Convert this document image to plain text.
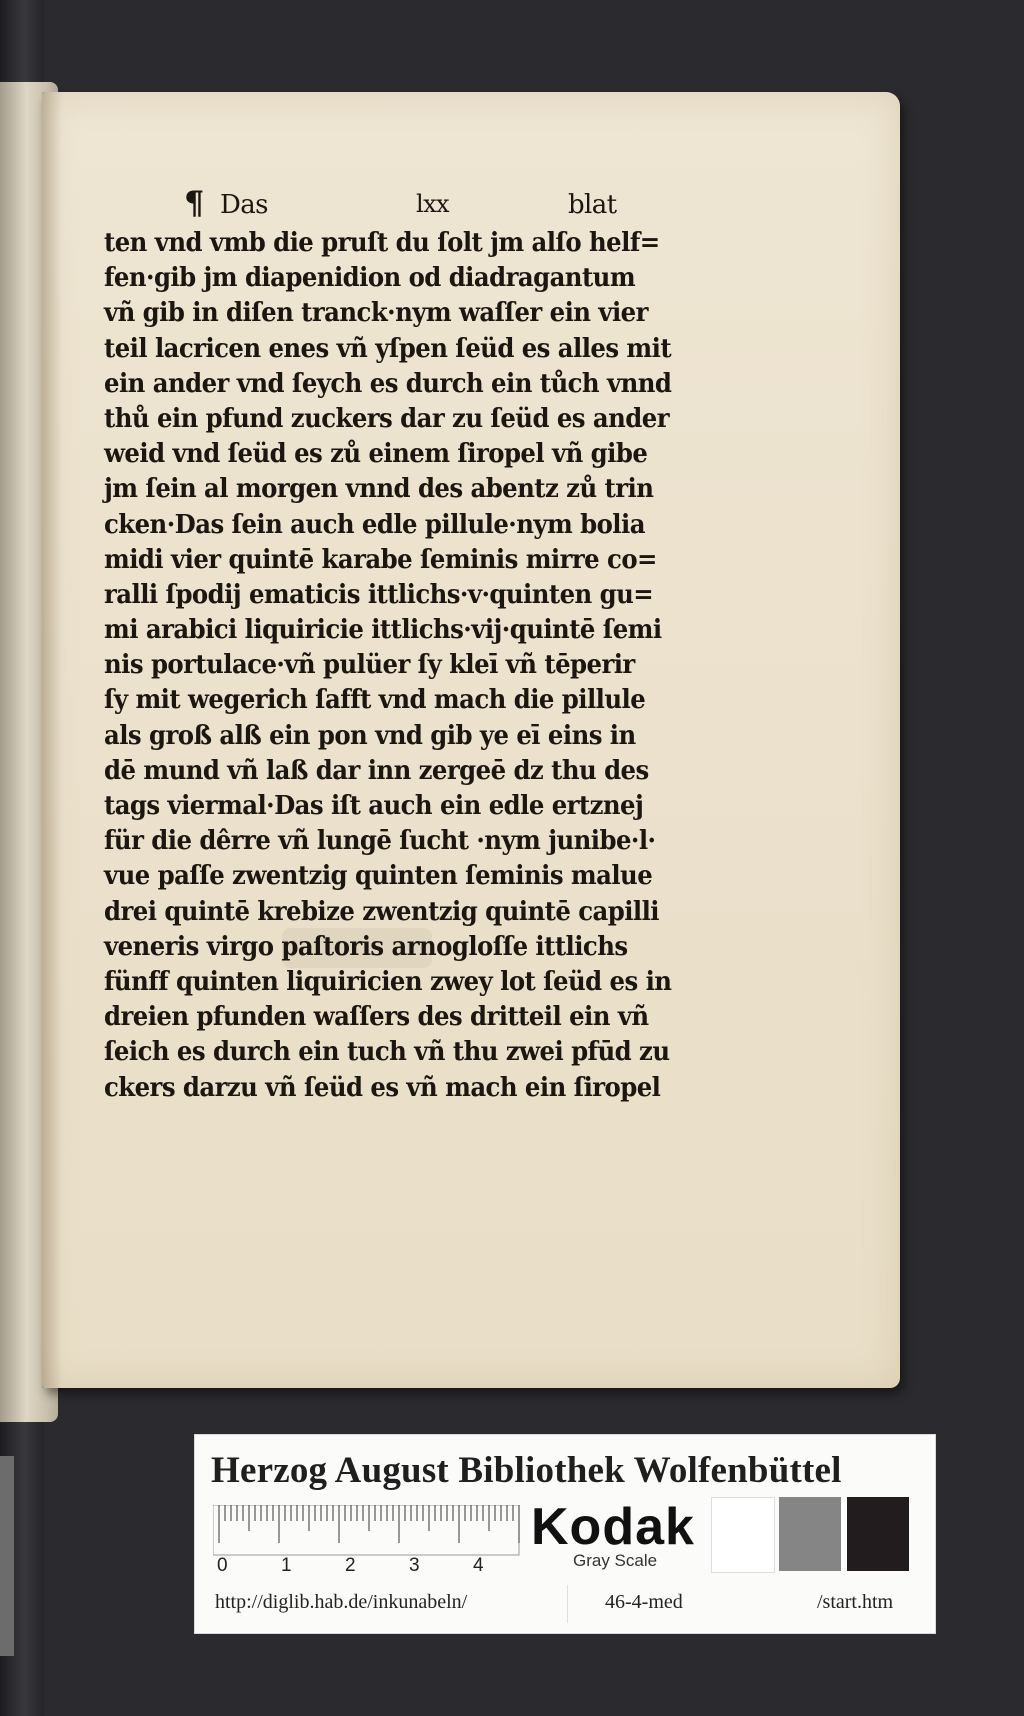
¶ Das	lxx	blat
ten vnd vmb die pruſt du ſolt jm alſo helf=
fen·gib jm diapenidion od diadragantum
vñ gib in diſen tranck·nym waſſer ein vier
teil lacricen enes vñ yſpen ſeüd es alles mit
ein ander vnd ſeych es durch ein tůch vnnd
thů ein pfund zuckers dar zu ſeüd es ander
weid vnd ſeüd es zů einem ſiropel vñ gibe
jm ſein al morgen vnnd des abentz zů trin
cken·Das ſein auch edle pillule·nym bolia
midi vier quintē karabe ſeminis mirre co=
ralli ſpodij ematicis ittlichs·v·quinten gu=
mi arabici liquiricie ittlichs·vij·quintē ſemi
nis portulace·vñ pulüer ſy kleī vñ tēperir
ſy mit wegerich ſafft vnd mach die pillule
als groß alß ein pon vnd gib ye eī eins in
dē mund vñ laß dar inn zergeē dz thu des
tags viermal·Das iſt auch ein edle ertznej
für die dêrre vñ lungē ſucht ·nym junibe·l·
vue paſſe zwentzig quinten ſeminis malue
drei quintē krebize zwentzig quintē capilli
veneris virgo paſtoris arnogloſſe ittlichs
fünff quinten liquiricien zwey lot ſeüd es in
dreien pfunden waſſers des dritteil ein vñ
ſeich es durch ein tuch vñ thu zwei pfūd zu
ckers darzu vñ ſeüd es vñ mach ein ſiropel
Herzog August Bibliothek Wolfenbüttel
0	1	2	3	4
Kodak
Gray Scale
http://diglib.hab.de/inkunabeln/	46-4-med	/start.htm
